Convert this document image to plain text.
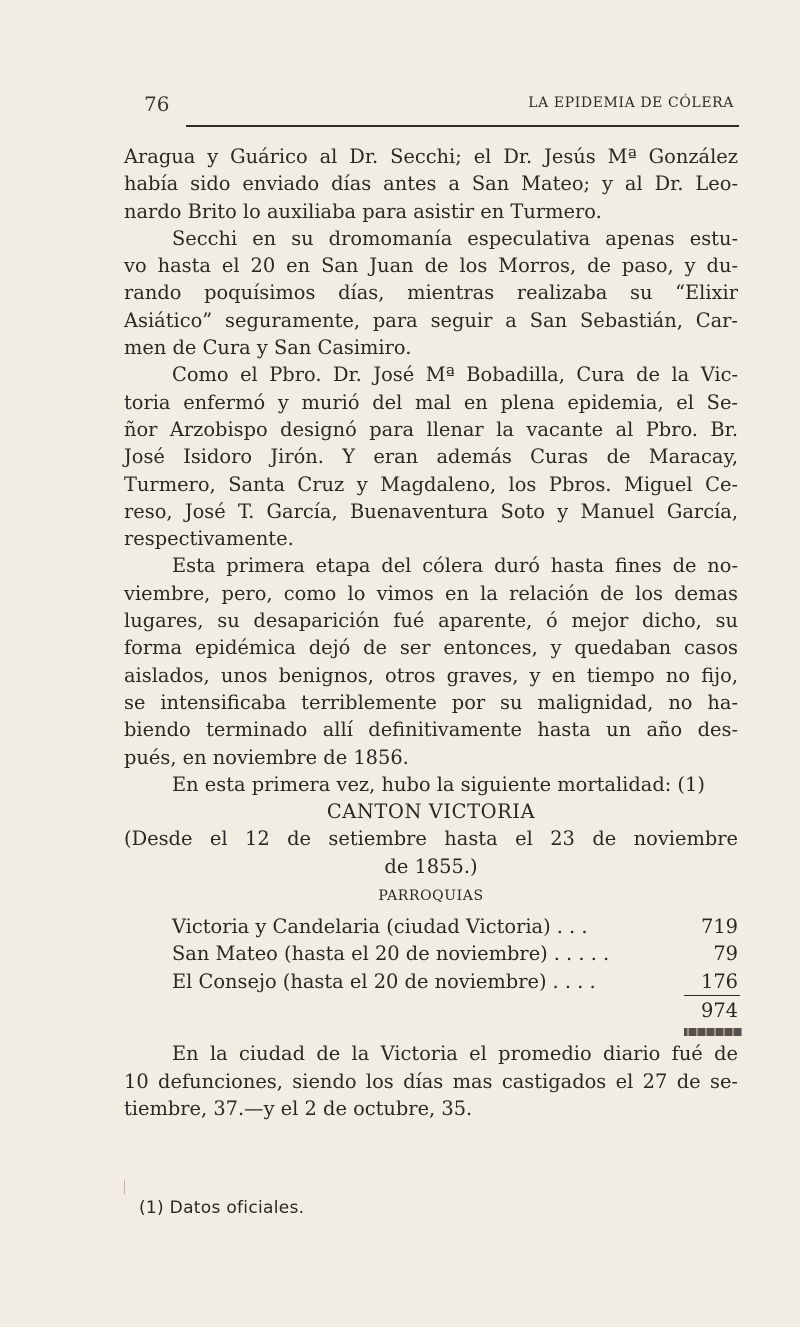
76	LA EPIDEMIA DE CÓLERA
Aragua y Guárico al Dr. Secchi; el Dr. Jesús Mª González
había sido enviado días antes a San Mateo; y al Dr. Leo-
nardo Brito lo auxiliaba para asistir en Turmero.
Secchi en su dromomanía especulativa apenas estu-
vo hasta el 20 en San Juan de los Morros, de paso, y du-
rando poquísimos días, mientras realizaba su “Elixir
Asiático” seguramente, para seguir a San Sebastián, Car-
men de Cura y San Casimiro.
Como el Pbro. Dr. José Mª Bobadilla, Cura de la Vic-
toria enfermó y murió del mal en plena epidemia, el Se-
ñor Arzobispo designó para llenar la vacante al Pbro. Br.
José Isidoro Jirón. Y eran además Curas de Maracay,
Turmero, Santa Cruz y Magdaleno, los Pbros. Miguel Ce-
reso, José T. García, Buenaventura Soto y Manuel García,
respectivamente.
Esta primera etapa del cólera duró hasta fines de no-
viembre, pero, como lo vimos en la relación de los demas
lugares, su desaparición fué aparente, ó mejor dicho, su
forma epidémica dejó de ser entonces, y quedaban casos
aislados, unos benignos, otros graves, y en tiempo no fijo,
se intensificaba terriblemente por su malignidad, no ha-
biendo terminado allí definitivamente hasta un año des-
pués, en noviembre de 1856.
En esta primera vez, hubo la siguiente mortalidad: (1)
CANTON VICTORIA
(Desde el 12 de setiembre hasta el 23 de noviembre
de 1855.)
PARROQUIAS
Victoria y Candelaria (ciudad Victoria) . . .	719
San Mateo (hasta el 20 de noviembre) . . . . .	79
El Consejo (hasta el 20 de noviembre) . . . .	176
974
En la ciudad de la Victoria el promedio diario fué de
10 defunciones, siendo los días mas castigados el 27 de se-
tiembre, 37.—y el 2 de octubre, 35.
(1) Datos oficiales.
